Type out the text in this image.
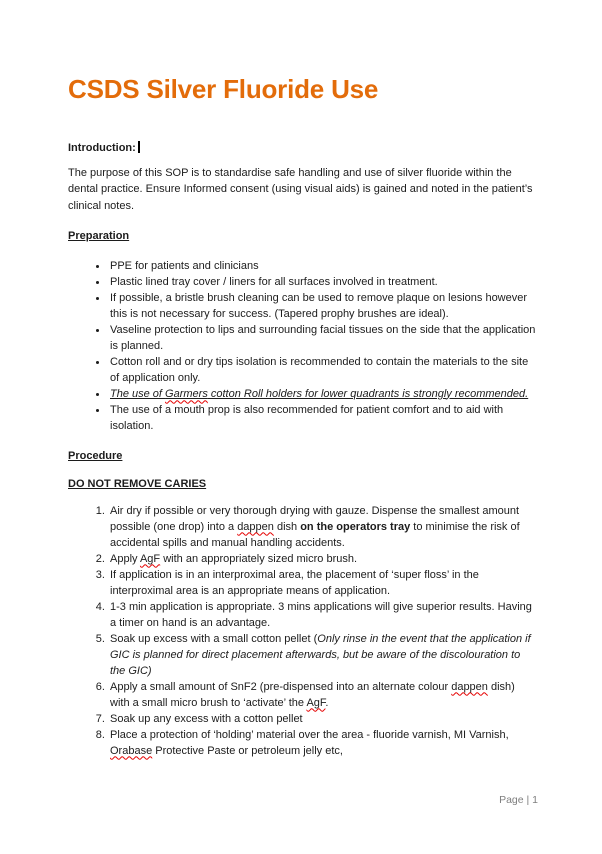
CSDS Silver Fluoride Use

Introduction:

The purpose of this SOP is to standardise safe handling and use of silver fluoride within the dental practice. Ensure Informed consent (using visual aids) is gained and noted in the patient’s clinical notes.

Preparation

• PPE for patients and clinicians
• Plastic lined tray cover / liners for all surfaces involved in treatment.
• If possible, a bristle brush cleaning can be used to remove plaque on lesions however this is not necessary for success. (Tapered prophy brushes are ideal).
• Vaseline protection to lips and surrounding facial tissues on the side that the application is planned.
• Cotton roll and or dry tips isolation is recommended to contain the materials to the site of application only.
• The use of Garmers cotton Roll holders for lower quadrants is strongly recommended.
• The use of a mouth prop is also recommended for patient comfort and to aid with isolation.

Procedure

DO NOT REMOVE CARIES

1. Air dry if possible or very thorough drying with gauze. Dispense the smallest amount possible (one drop) into a dappen dish on the operators tray to minimise the risk of accidental spills and manual handling accidents.
2. Apply AgF with an appropriately sized micro brush.
3. If application is in an interproximal area, the placement of ‘super floss’ in the interproximal area is an appropriate means of application.
4. 1-3 min application is appropriate. 3 mins applications will give superior results. Having a timer on hand is an advantage.
5. Soak up excess with a small cotton pellet (Only rinse in the event that the application if GIC is planned for direct placement afterwards, but be aware of the discolouration to the GIC)
6. Apply a small amount of SnF2 (pre-dispensed into an alternate colour dappen dish) with a small micro brush to ‘activate’ the AgF.
7. Soak up any excess with a cotton pellet
8. Place a protection of ‘holding’ material over the area - fluoride varnish, MI Varnish, Orabase Protective Paste or petroleum jelly etc,
Page | 1
